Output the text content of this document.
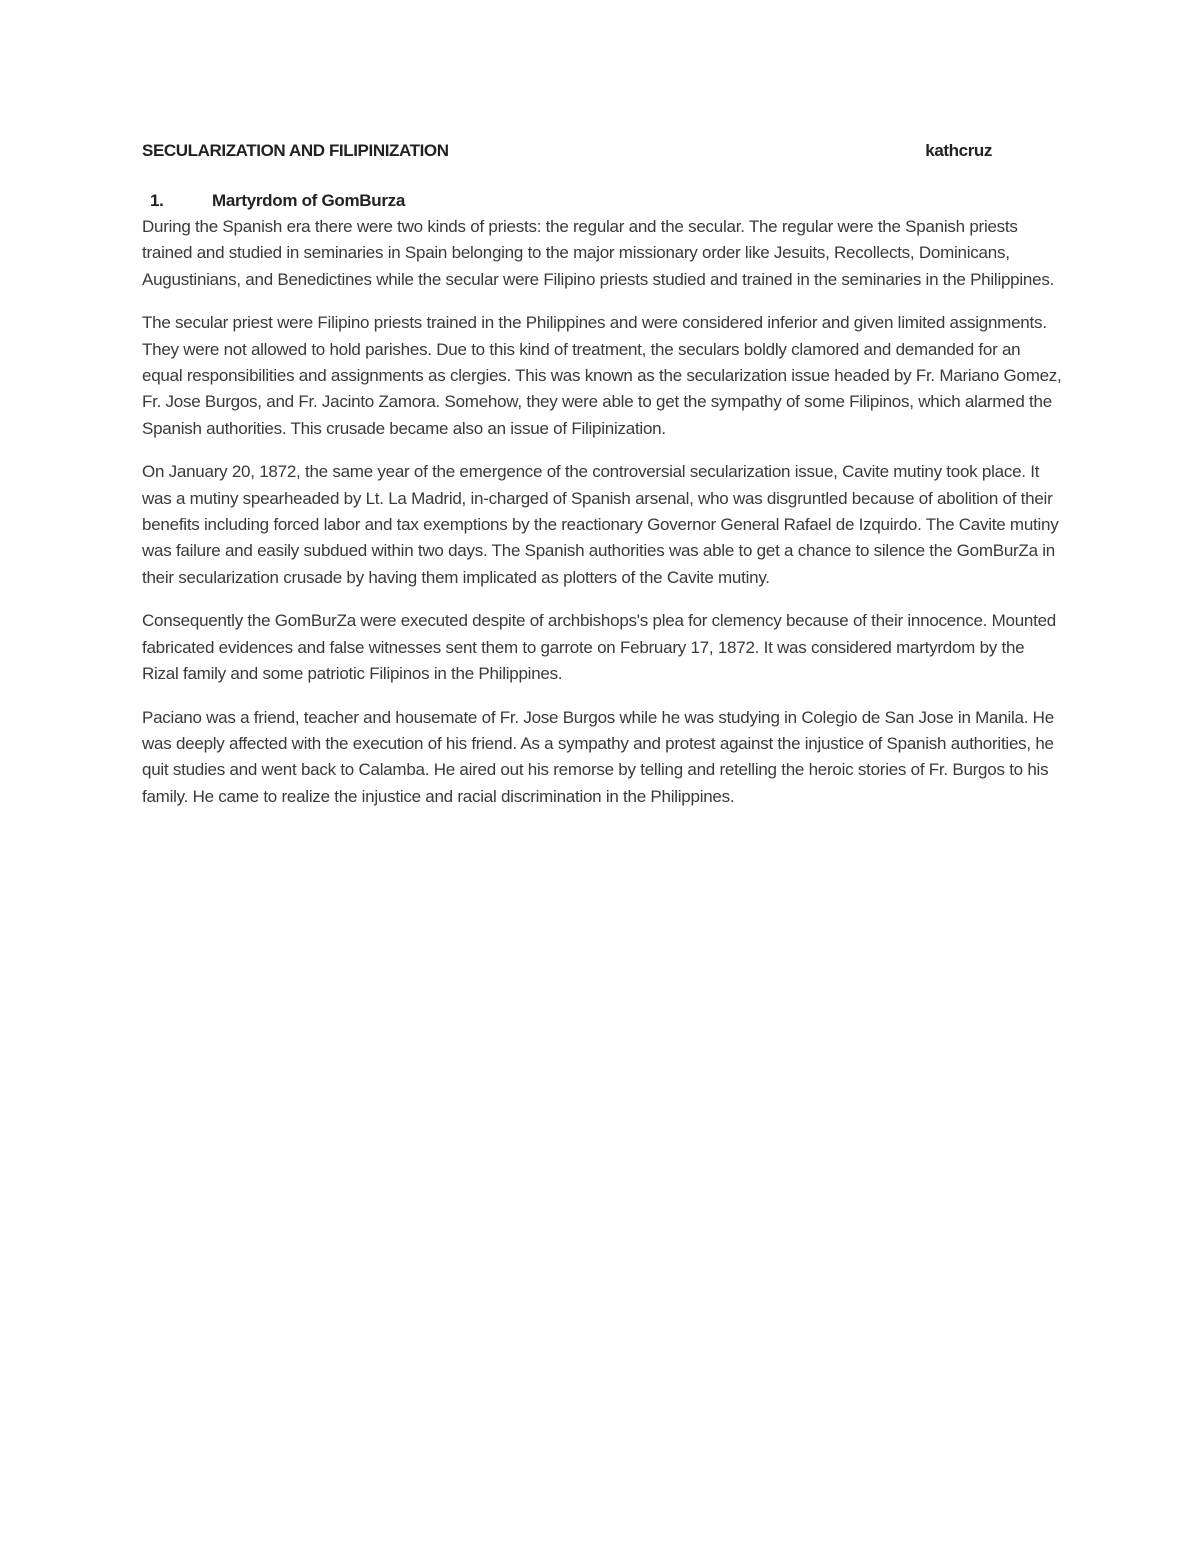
SECULARIZATION AND FILIPINIZATION	kathcruz
1.	Martyrdom of GomBurza

During the Spanish era there were two kinds of priests: the regular and the secular. The regular were the Spanish priests trained and studied in seminaries in Spain belonging to the major missionary order like Jesuits, Recollects, Dominicans, Augustinians, and Benedictines while the secular were Filipino priests studied and trained in the seminaries in the Philippines.

The secular priest were Filipino priests trained in the Philippines and were considered inferior and given limited assignments. They were not allowed to hold parishes. Due to this kind of treatment, the seculars boldly clamored and demanded for an equal responsibilities and assignments as clergies. This was known as the secularization issue headed by Fr. Mariano Gomez, Fr. Jose Burgos, and Fr. Jacinto Zamora. Somehow, they were able to get the sympathy of some Filipinos, which alarmed the Spanish authorities. This crusade became also an issue of Filipinization.

On January 20, 1872, the same year of the emergence of the controversial secularization issue, Cavite mutiny took place. It was a mutiny spearheaded by Lt. La Madrid, in-charged of Spanish arsenal, who was disgruntled because of abolition of their benefits including forced labor and tax exemptions by the reactionary Governor General Rafael de Izquirdo. The Cavite mutiny was failure and easily subdued within two days. The Spanish authorities was able to get a chance to silence the GomBurZa in their secularization crusade by having them implicated as plotters of the Cavite mutiny.

Consequently the GomBurZa were executed despite of archbishops's plea for clemency because of their innocence. Mounted fabricated evidences and false witnesses sent them to garrote on February 17, 1872. It was considered martyrdom by the Rizal family and some patriotic Filipinos in the Philippines.

Paciano was a friend, teacher and housemate of Fr. Jose Burgos while he was studying in Colegio de San Jose in Manila. He was deeply affected with the execution of his friend. As a sympathy and protest against the injustice of Spanish authorities, he quit studies and went back to Calamba. He aired out his remorse by telling and retelling the heroic stories of Fr. Burgos to his family. He came to realize the injustice and racial discrimination in the Philippines.
